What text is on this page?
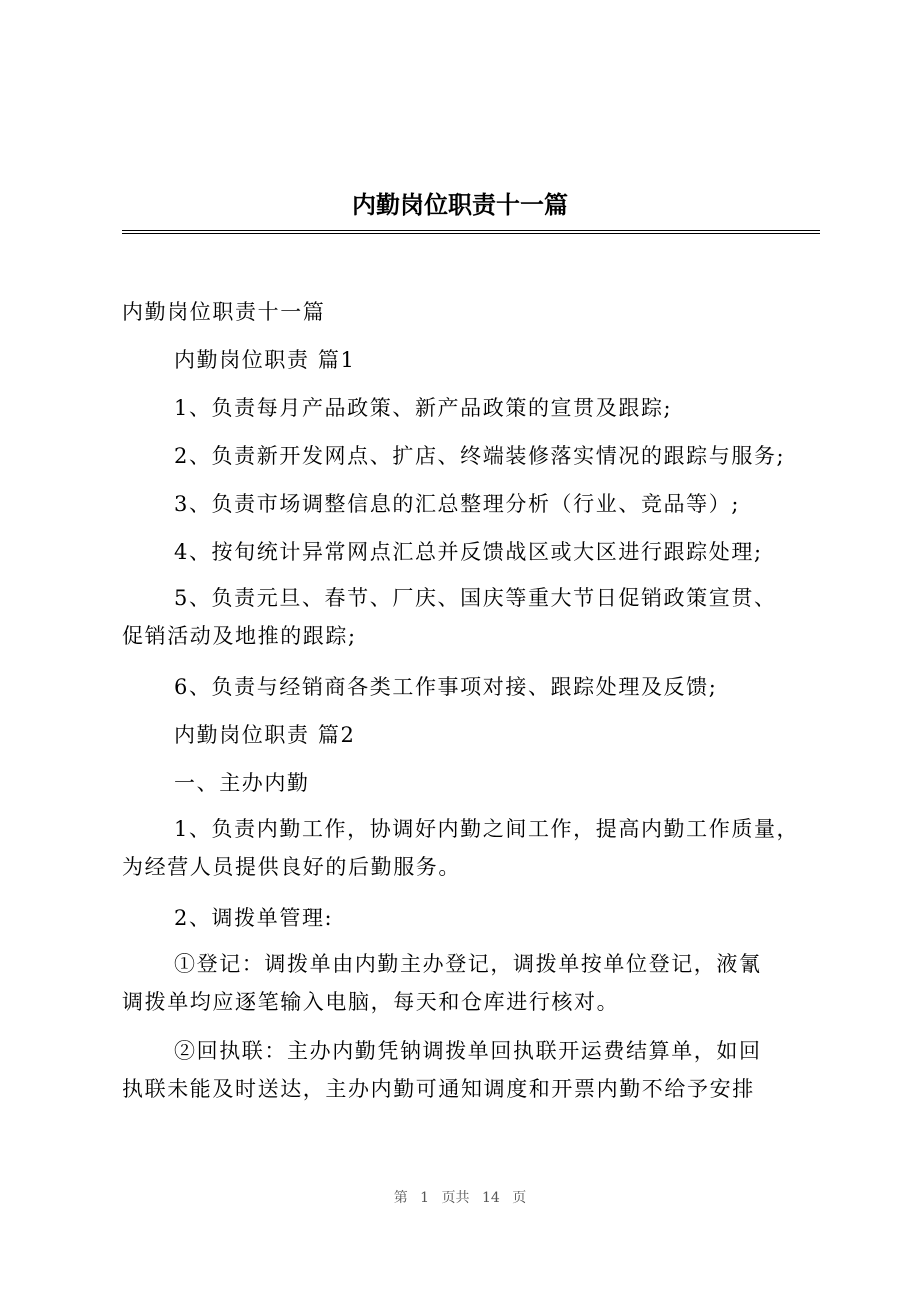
内勤岗位职责十一篇

内勤岗位职责十一篇

内勤岗位职责 篇1

1、负责每月产品政策、新产品政策的宣贯及跟踪;

2、负责新开发网点、扩店、终端装修落实情况的跟踪与服务;

3、负责市场调整信息的汇总整理分析（行业、竞品等）;

4、按旬统计异常网点汇总并反馈战区或大区进行跟踪处理;

5、负责元旦、春节、厂庆、国庆等重大节日促销政策宣贯、

促销活动及地推的跟踪;

6、负责与经销商各类工作事项对接、跟踪处理及反馈;

内勤岗位职责 篇2

一、主办内勤

1、负责内勤工作，协调好内勤之间工作，提高内勤工作质量，

为经营人员提供良好的后勤服务。

2、调拨单管理:

①登记：调拨单由内勤主办登记，调拨单按单位登记，液氰

调拨单均应逐笔输入电脑，每天和仓库进行核对。

②回执联：主办内勤凭钠调拨单回执联开运费结算单，如回

执联未能及时送达，主办内勤可通知调度和开票内勤不给予安排

第 1 页共 14 页
